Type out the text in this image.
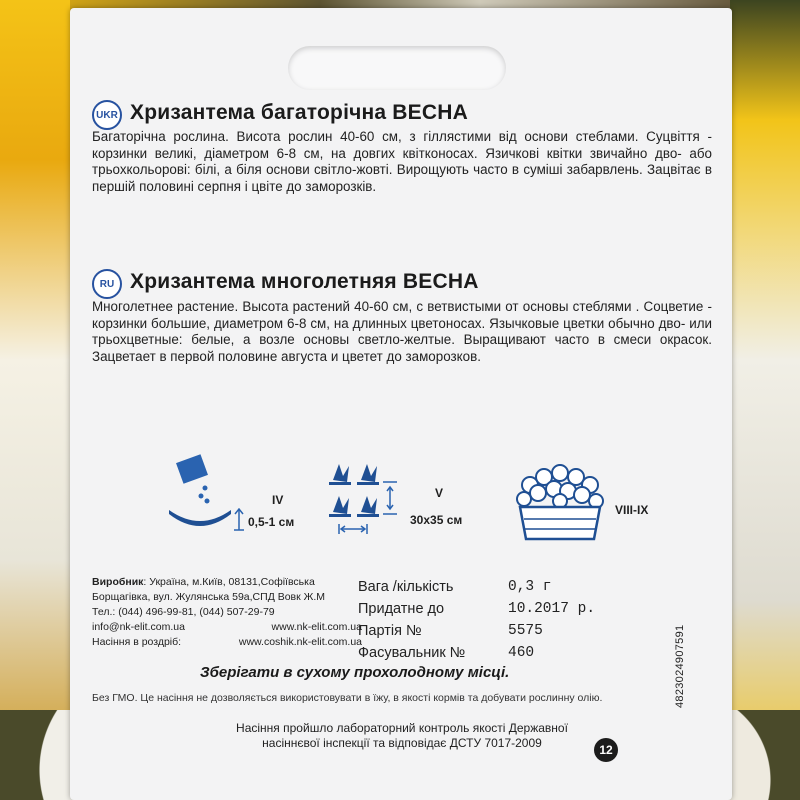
UKR Хризантема багаторічна ВЕСНА
Багаторічна рослина. Висота рослин 40-60 см, з гіллястими від основи стеблами. Суцвіття - корзинки великі, діаметром 6-8 см, на довгих квітконосах. Язичкові квітки звичайно дво- або трьохкольорові: білі, а біля основи світло-жовті. Вирощують часто в суміші забарвлень. Зацвітає в першій половині серпня і цвіте до заморозків.
RU Хризантема многолетняя ВЕСНА
Многолетнее растение. Высота растений 40-60 см, с ветвистыми от основы стеблями . Соцветие - корзинки большие, диаметром 6-8 см, на длинных цветоносах. Язычковые цветки обычно дво- или трьохцветные: белые, а возле основы светло-желтые. Выращивают часто в смеси окрасок. Зацветает в первой половине августа и цветет до заморозков.
IV
0,5-1 см
V
30x35 см
VIII-IX
Виробник: Україна, м.Київ, 08131,Софіївська
Борщагівка, вул. Жулянська 59а,СПД Вовк Ж.М
Тел.: (044) 496-99-81, (044) 507-29-79
info@nk-elit.com.ua	www.nk-elit.com.ua
Насіння в роздріб:	www.coshik.nk-elit.com.ua
Вага /кількість	0,3 г
Придатне до	10.2017 р.
Партія №	5575
Фасувальник №	460	4823024907591
Зберігати в сухому прохолодному місці.
Без ГМО. Це насіння не дозволяється використовувати в їжу, в якості кормів та добувати рослинну олію.
Насіння пройшло лабораторний контроль якості Державної
насіннєвої інспекції та відповідає ДСТУ 7017-2009	12
